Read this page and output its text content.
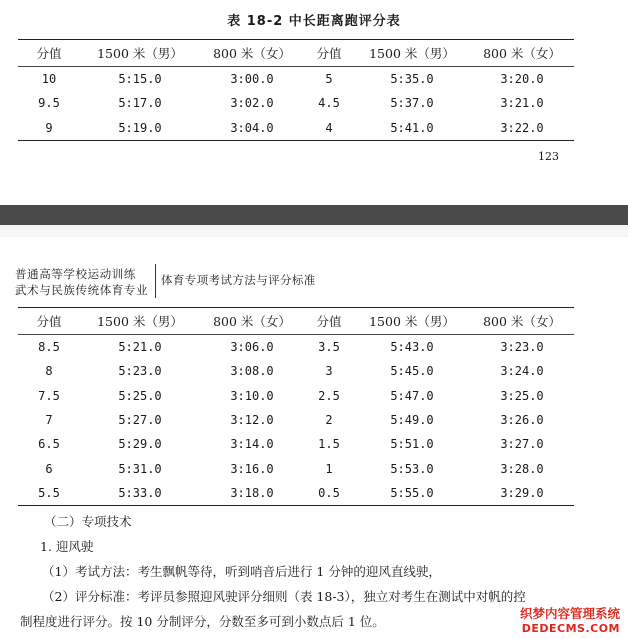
表 18-2 中长距离跑评分表
分值	1500 米（男）	800 米（女）	分值	1500 米（男）	800 米（女）
10	5:15.0	3:00.0	5	5:35.0	3:20.0
9.5	5:17.0	3:02.0	4.5	5:37.0	3:21.0
9	5:19.0	3:04.0	4	5:41.0	3:22.0
123
普通高等学校运动训练
武术与民族传统体育专业
体育专项考试方法与评分标准
分值	1500 米（男）	800 米（女）	分值	1500 米（男）	800 米（女）
8.5	5:21.0	3:06.0	3.5	5:43.0	3:23.0
8	5:23.0	3:08.0	3	5:45.0	3:24.0
7.5	5:25.0	3:10.0	2.5	5:47.0	3:25.0
7	5:27.0	3:12.0	2	5:49.0	3:26.0
6.5	5:29.0	3:14.0	1.5	5:51.0	3:27.0
6	5:31.0	3:16.0	1	5:53.0	3:28.0
5.5	5:33.0	3:18.0	0.5	5:55.0	3:29.0

（二）专项技术

1. 迎风驶

（1）考试方法：考生飘帆等待，听到哨音后进行 1 分钟的迎风直线驶，

（2）评分标准：考评员参照迎风驶评分细则（表 18-3），独立对考生在测试中对帆的控

制程度进行评分。按 10 分制评分，分数至多可到小数点后 1 位。

织梦内容管理系统
DEDECMS.COM
